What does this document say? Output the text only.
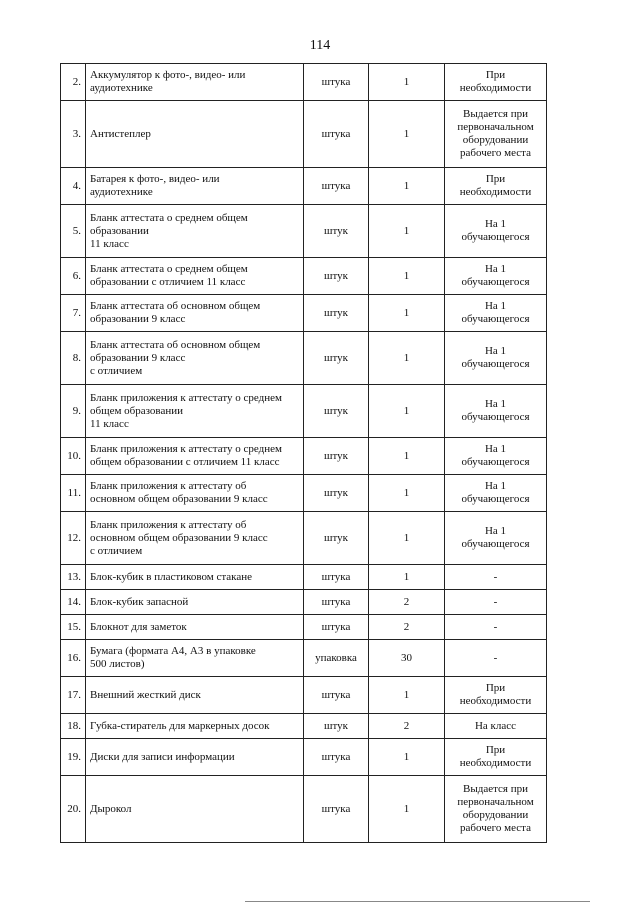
114
2.	Аккумулятор к фото-, видео- или
аудиотехнике	штука	1	При
необходимости
3.	Антистеплер	штука	1	Выдается при
первоначальном
оборудовании
рабочего места
4.	Батарея к фото-, видео- или
аудиотехнике	штука	1	При
необходимости
5.	Бланк аттестата о среднем общем
образовании
11 класс	штук	1	На 1
обучающегося
6.	Бланк аттестата о среднем общем
образовании с отличием 11 класс	штук	1	На 1
обучающегося
7.	Бланк аттестата об основном общем
образовании 9 класс	штук	1	На 1
обучающегося
8.	Бланк аттестата об основном общем
образовании 9 класс
с отличием	штук	1	На 1
обучающегося
9.	Бланк приложения к аттестату о среднем
общем образовании
11 класс	штук	1	На 1
обучающегося
10.	Бланк приложения к аттестату о среднем
общем образовании с отличием 11 класс	штук	1	На 1
обучающегося
11.	Бланк приложения к аттестату об
основном общем образовании 9 класс	штук	1	На 1
обучающегося
12.	Бланк приложения к аттестату об
основном общем образовании 9 класс
с отличием	штук	1	На 1
обучающегося
13.	Блок-кубик в пластиковом стакане	штука	1	-
14.	Блок-кубик запасной	штука	2	-
15.	Блокнот для заметок	штука	2	-
16.	Бумага (формата А4, А3 в упаковке
500 листов)	упаковка	30	-
17.	Внешний жесткий диск	штука	1	При
необходимости
18.	Губка-стиратель для маркерных досок	штук	2	На класс
19.	Диски для записи информации	штука	1	При
необходимости
20.	Дырокол	штука	1	Выдается при
первоначальном
оборудовании
рабочего места
